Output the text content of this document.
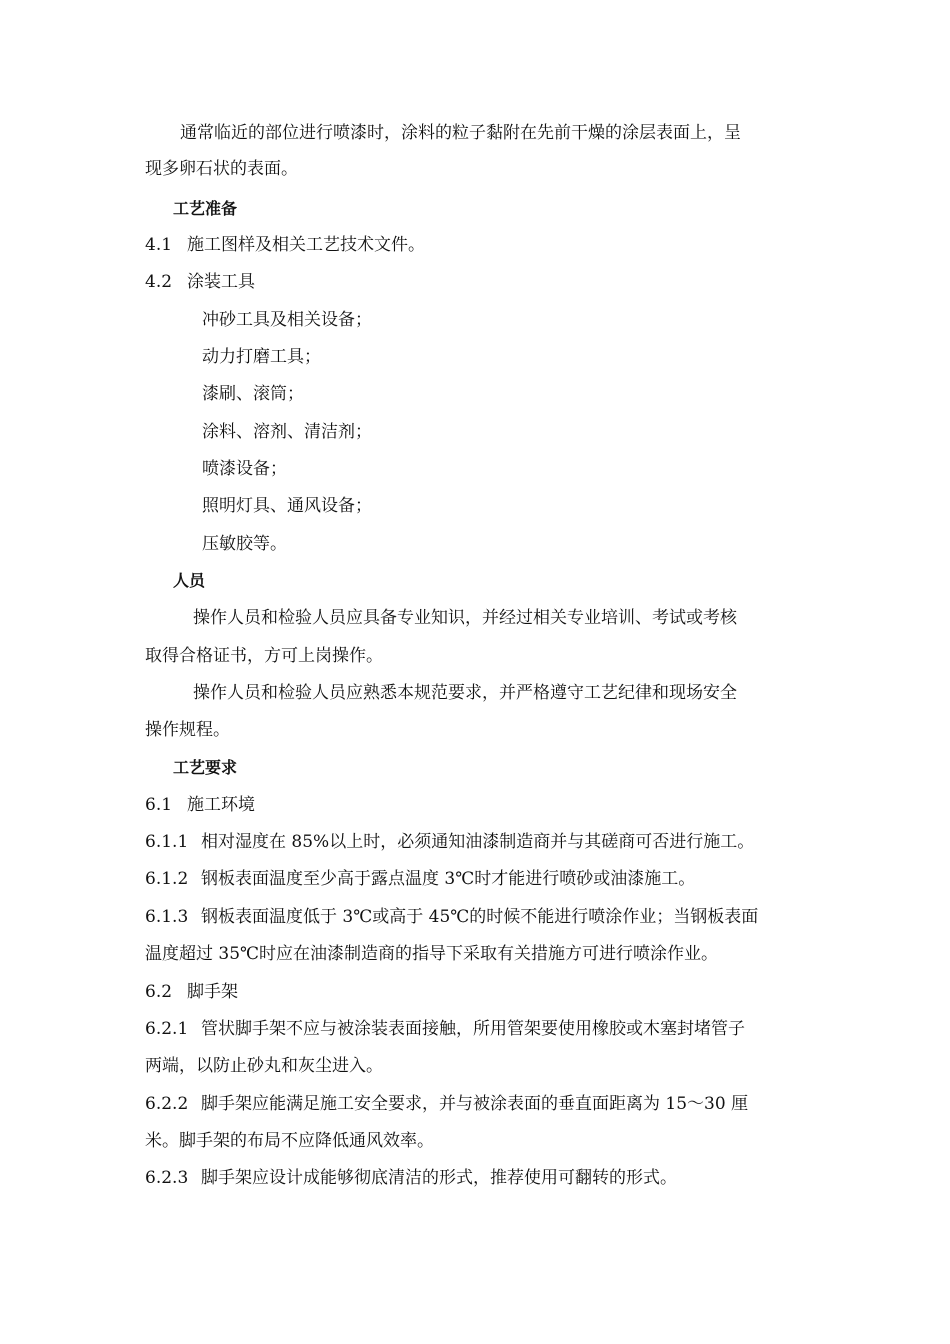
通常临近的部位进行喷漆时，涂料的粒子黏附在先前干燥的涂层表面上，呈
现多卵石状的表面。
工艺准备
4.1 施工图样及相关工艺技术文件。
4.2 涂装工具
冲砂工具及相关设备；
动力打磨工具；
漆刷、滚筒；
涂料、溶剂、清洁剂；
喷漆设备；
照明灯具、通风设备；
压敏胶等。
人员
操作人员和检验人员应具备专业知识，并经过相关专业培训、考试或考核
取得合格证书，方可上岗操作。
操作人员和检验人员应熟悉本规范要求，并严格遵守工艺纪律和现场安全
操作规程。
工艺要求
6.1 施工环境
6.1.1 相对湿度在 85%以上时，必须通知油漆制造商并与其磋商可否进行施工。
6.1.2 钢板表面温度至少高于露点温度 3℃时才能进行喷砂或油漆施工。
6.1.3 钢板表面温度低于 3℃或高于 45℃的时候不能进行喷涂作业；当钢板表面
温度超过 35℃时应在油漆制造商的指导下采取有关措施方可进行喷涂作业。
6.2 脚手架
6.2.1 管状脚手架不应与被涂装表面接触，所用管架要使用橡胶或木塞封堵管子
两端，以防止砂丸和灰尘进入。
6.2.2 脚手架应能满足施工安全要求，并与被涂表面的垂直面距离为 15～30 厘
米。脚手架的布局不应降低通风效率。
6.2.3 脚手架应设计成能够彻底清洁的形式，推荐使用可翻转的形式。
